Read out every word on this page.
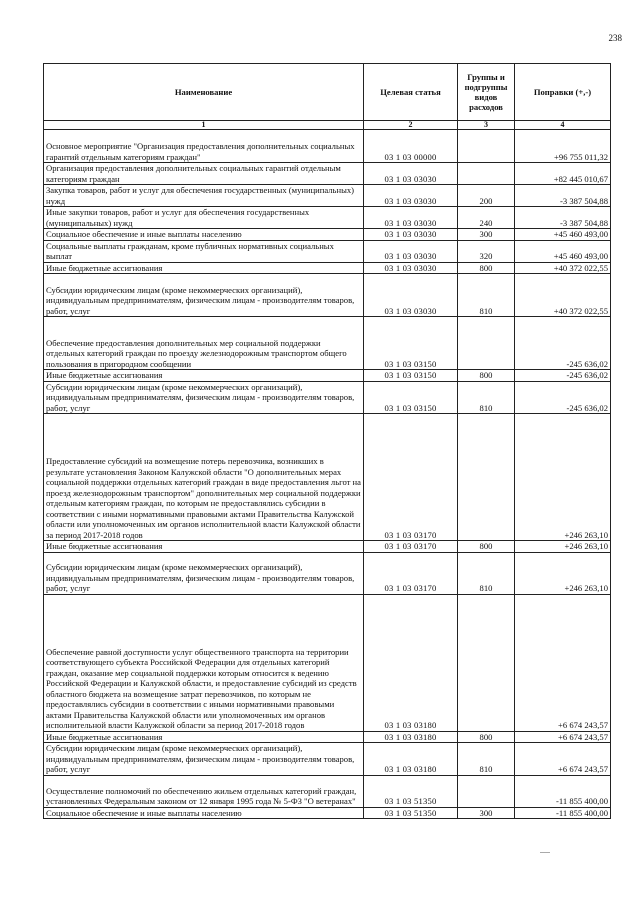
238
Наименование	Целевая статья	Группы и подгруппы видов расходов	Поправки (+,-)
1	2	3	4
Основное мероприятие "Организация предоставления дополнительных социальных гарантий отдельным категориям граждан"	03 1 03 00000		+96 755 011,32
Организация предоставления дополнительных социальных гарантий отдельным категориям граждан	03 1 03 03030		+82 445 010,67
Закупка товаров, работ и услуг для обеспечения государственных (муниципальных) нужд	03 1 03 03030	200	-3 387 504,88
Иные закупки товаров, работ и услуг для обеспечения государственных (муниципальных) нужд	03 1 03 03030	240	-3 387 504,88
Социальное обеспечение и иные выплаты населению	03 1 03 03030	300	+45 460 493,00
Социальные выплаты гражданам, кроме публичных нормативных социальных выплат	03 1 03 03030	320	+45 460 493,00
Иные бюджетные ассигнования	03 1 03 03030	800	+40 372 022,55
Субсидии юридическим лицам (кроме некоммерческих организаций), индивидуальным предпринимателям, физическим лицам - производителям товаров, работ, услуг	03 1 03 03030	810	+40 372 022,55
Обеспечение предоставления дополнительных мер социальной поддержки отдельных категорий граждан по проезду железнодорожным транспортом общего пользования в пригородном сообщении	03 1 03 03150		-245 636,02
Иные бюджетные ассигнования	03 1 03 03150	800	-245 636,02
Субсидии юридическим лицам (кроме некоммерческих организаций), индивидуальным предпринимателям, физическим лицам - производителям товаров, работ, услуг	03 1 03 03150	810	-245 636,02
Предоставление субсидий на возмещение потерь перевозчика, возникших в результате установления Законом Калужской области "О дополнительных мерах социальной поддержки отдельных категорий граждан в виде предоставления льгот на проезд железнодорожным транспортом" дополнительных мер социальной поддержки отдельным категориям граждан, по которым не предоставлялись субсидии в соответствии с иными нормативными правовыми актами Правительства Калужской области или уполномоченных им органов исполнительной власти Калужской области за период 2017-2018 годов	03 1 03 03170		+246 263,10
Иные бюджетные ассигнования	03 1 03 03170	800	+246 263,10
Субсидии юридическим лицам (кроме некоммерческих организаций), индивидуальным предпринимателям, физическим лицам - производителям товаров, работ, услуг	03 1 03 03170	810	+246 263,10
Обеспечение равной доступности услуг общественного транспорта на территории соответствующего субъекта Российской Федерации для отдельных категорий граждан, оказание мер социальной поддержки которым относится к ведению Российской Федерации и Калужской области, и предоставление субсидий из средств областного бюджета на возмещение затрат перевозчиков, по которым не предоставлялись субсидии в соответствии с иными нормативными правовыми актами Правительства Калужской области или уполномоченных им органов исполнительной власти Калужской области за период 2017-2018 годов	03 1 03 03180		+6 674 243,57
Иные бюджетные ассигнования	03 1 03 03180	800	+6 674 243,57
Субсидии юридическим лицам (кроме некоммерческих организаций), индивидуальным предпринимателям, физическим лицам - производителям товаров, работ, услуг	03 1 03 03180	810	+6 674 243,57
Осуществление полномочий по обеспечению жильем отдельных категорий граждан, установленных Федеральным законом от 12 января 1995 года № 5-ФЗ "О ветеранах"	03 1 03 51350		-11 855 400,00
Социальное обеспечение и иные выплаты населению	03 1 03 51350	300	-11 855 400,00
